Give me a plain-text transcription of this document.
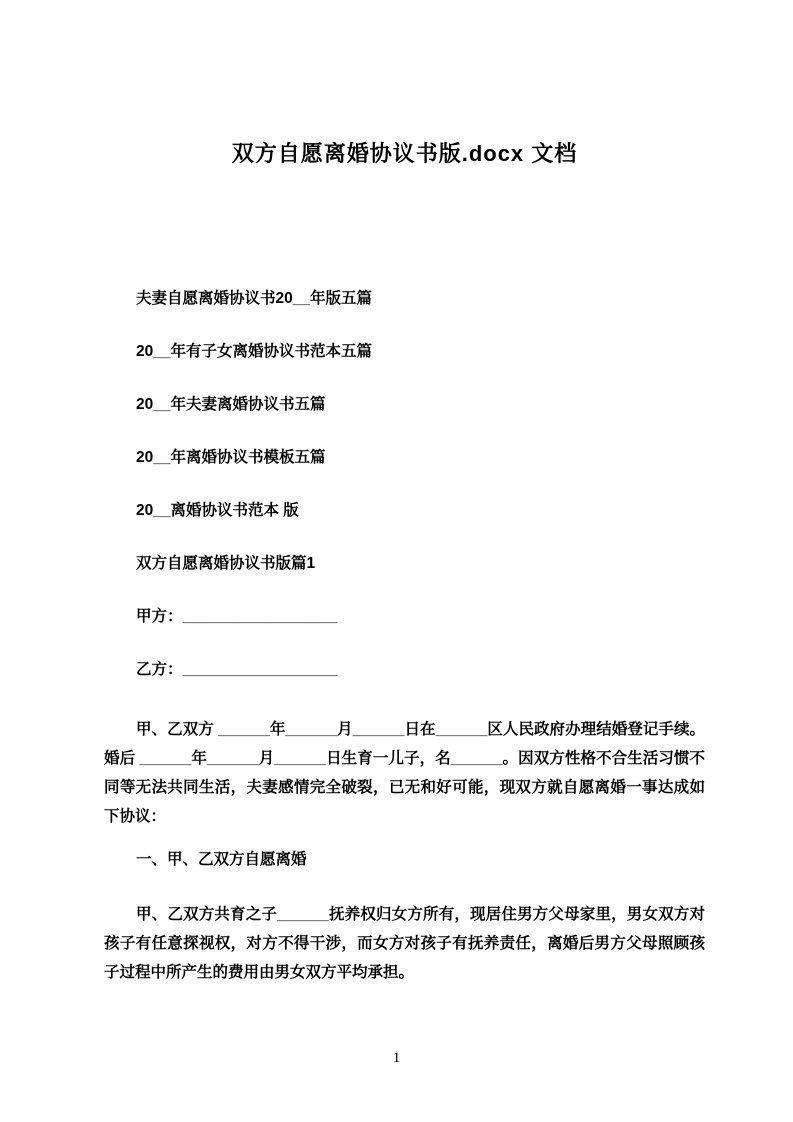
双方自愿离婚协议书版.docx 文档

夫妻自愿离婚协议书20__年版五篇

20__年有子女离婚协议书范本五篇

20__年夫妻离婚协议书五篇

20__年离婚协议书模板五篇

20__离婚协议书范本 版

双方自愿离婚协议书版篇1

甲方：__________________

乙方：__________________

甲、乙双方 ______年______月______日在______区人民政府办理结婚登记手续。婚后 ______年______月______日生育一儿子，名______。因双方性格不合生活习惯不同等无法共同生活，夫妻感情完全破裂，已无和好可能，现双方就自愿离婚一事达成如下协议：

一、甲、乙双方自愿离婚

甲、乙双方共育之子______抚养权归女方所有，现居住男方父母家里，男女双方对孩子有任意探视权，对方不得干涉，而女方对孩子有抚养责任，离婚后男方父母照顾孩子过程中所产生的费用由男女双方平均承担。

1
